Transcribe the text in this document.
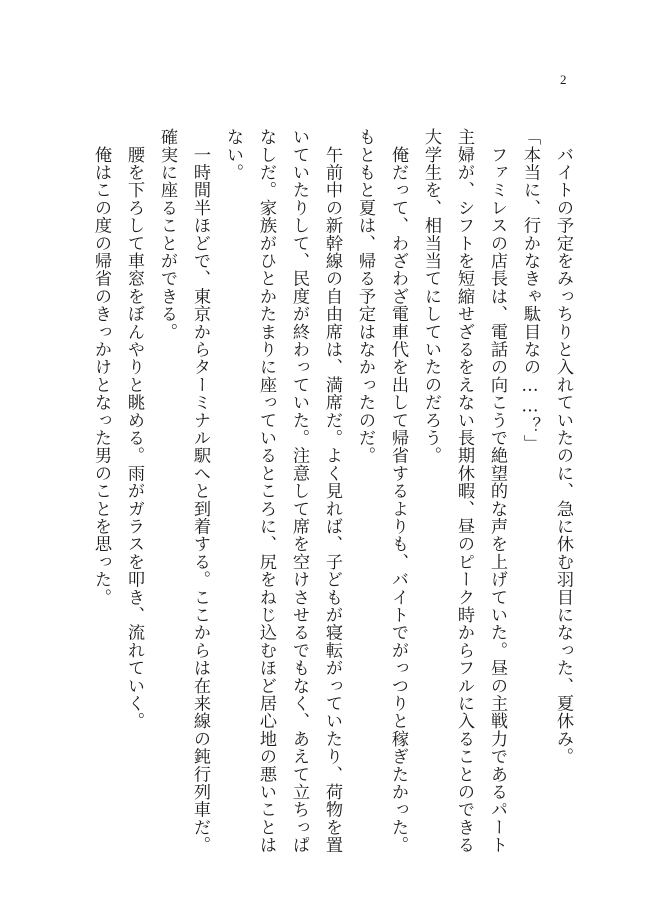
2

　バイトの予定をみっちりと入れていたのに、急に休む羽目になった、夏休み。

「本当に、行かなきゃ駄目なの……？」

　ファミレスの店長は、電話の向こうで絶望的な声を上げていた。昼の主戦力であるパート主婦が、シフトを短縮せざるをえない長期休暇、昼のピーク時からフルに入ることのできる大学生を、相当当てにしていたのだろう。

　俺だって、わざわざ電車代を出して帰省するよりも、バイトでがっつりと稼ぎたかった。もともと夏は、帰る予定はなかったのだ。

　午前中の新幹線の自由席は、満席だ。よく見れば、子どもが寝転がっていたり、荷物を置いていたりして、民度が終わっていた。注意して席を空けさせるでもなく、あえて立ちっぱなしだ。家族がひとかたまりに座っているところに、尻をねじ込むほど居心地の悪いことはない。

　一時間半ほどで、東京からターミナル駅へと到着する。ここからは在来線の鈍行列車だ。確実に座ることができる。

　腰を下ろして車窓をぼんやりと眺める。雨がガラスを叩き、流れていく。

　俺はこの度の帰省のきっかけとなった男のことを思った。
